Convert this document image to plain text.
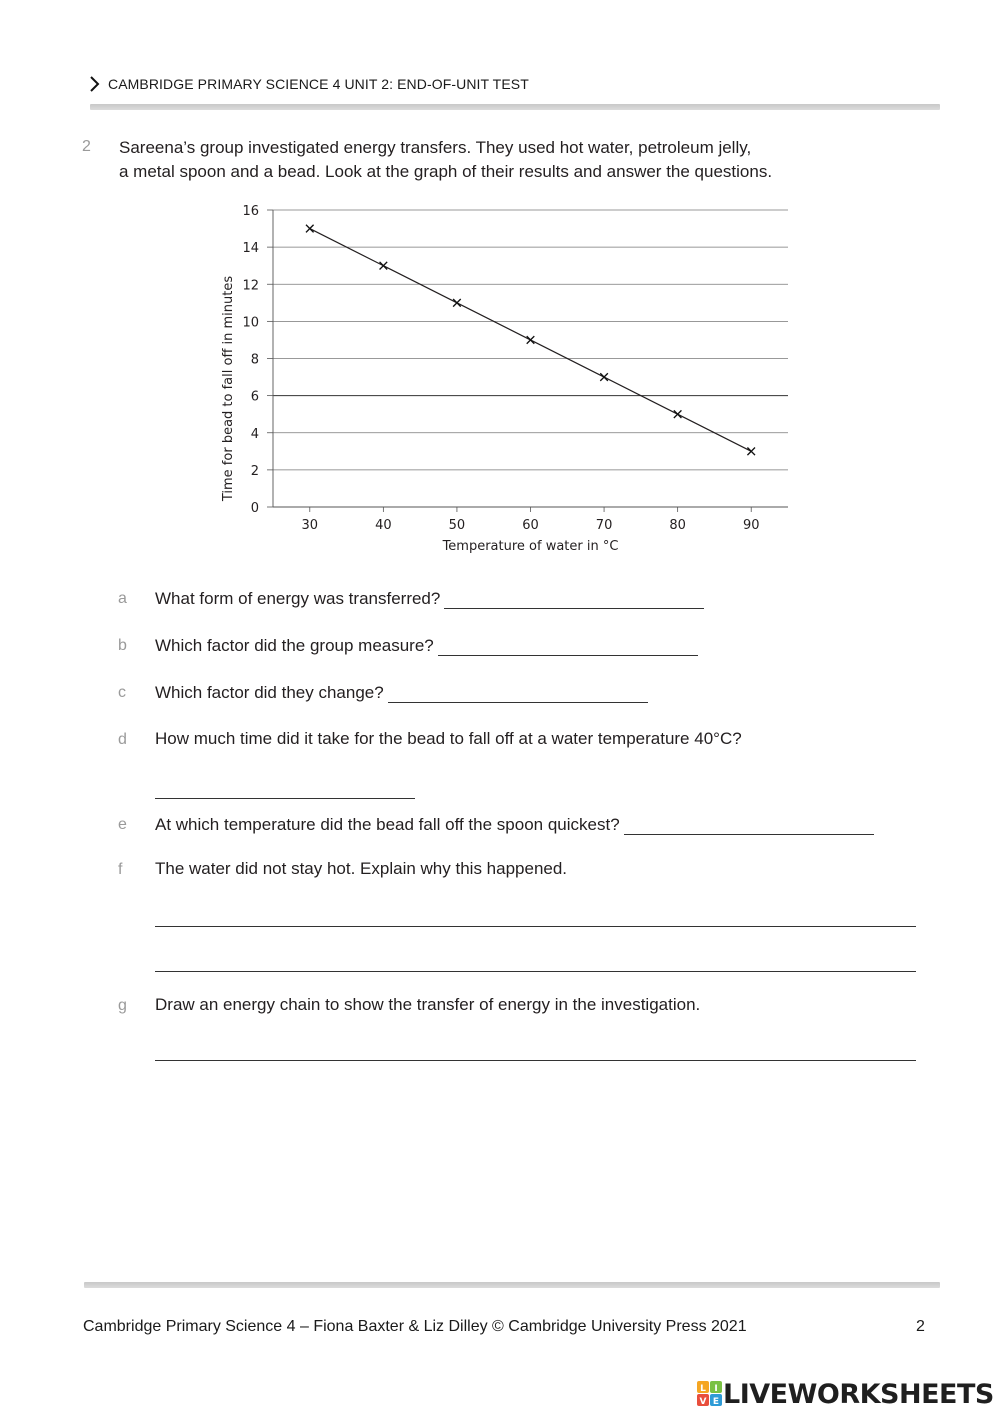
CAMBRIDGE PRIMARY SCIENCE 4 UNIT 2: END-OF-UNIT TEST
2 Sareena’s group investigated energy transfers. They used hot water, petroleum jelly,
a metal spoon and a bead. Look at the graph of their results and answer the questions.
0
2
4
6
8
10
12
14
16
30	40	50	60	70	80	90
Time for bead to fall off in minutes
Temperature of water in °C
a What form of energy was transferred?
b Which factor did the group measure?
c Which factor did they change?
d How much time did it take for the bead to fall off at a water temperature 40°C?
e At which temperature did the bead fall off the spoon quickest?
f The water did not stay hot. Explain why this happened.
g Draw an energy chain to show the transfer of energy in the investigation.
Cambridge Primary Science 4 – Fiona Baxter & Liz Dilley © Cambridge University Press 2021	2
L I
V E LIVEWORKSHEETS
